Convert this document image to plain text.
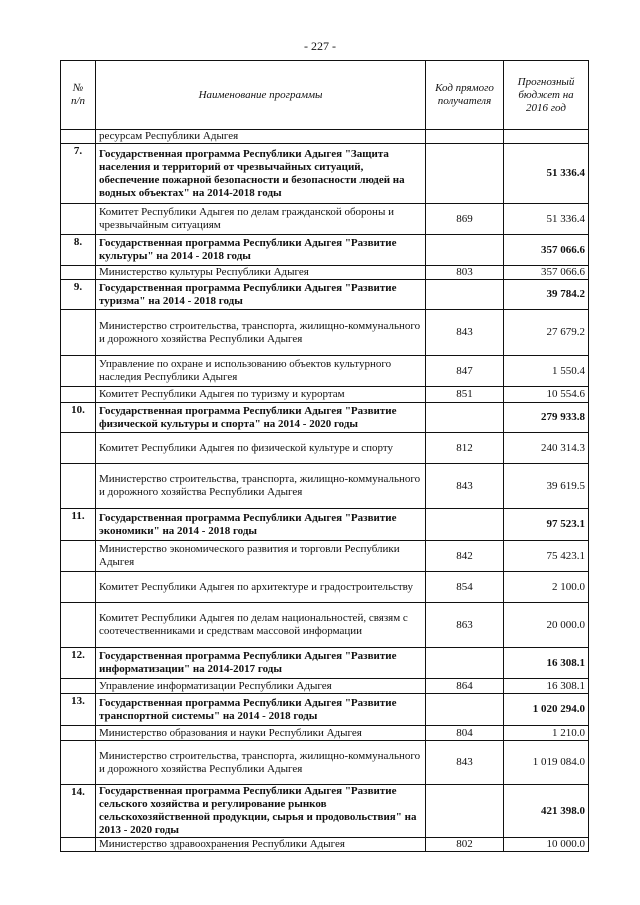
- 227 -
№
п/п	Наименование программы	Код прямого получателя	Прогнозный бюджет на 2016 год
	ресурсам Республики Адыгея		
7.	Государственная программа Республики Адыгея "Защита населения и территорий от чрезвычайных ситуаций, обеспечение пожарной безопасности и безопасности людей на водных объектах" на 2014-2018 годы		51 336.4
	Комитет Республики Адыгея по делам гражданской обороны и чрезвычайным ситуациям	869	51 336.4
8.	Государственная программа Республики Адыгея "Развитие культуры" на 2014 - 2018 годы		357 066.6
	Министерство культуры Республики Адыгея	803	357 066.6
9.	Государственная программа Республики Адыгея "Развитие туризма" на 2014 - 2018 годы		39 784.2
	Министерство строительства, транспорта, жилищно-коммунального и дорожного хозяйства Республики Адыгея	843	27 679.2
	Управление по охране и использованию объектов культурного наследия Республики Адыгея	847	1 550.4
	Комитет Республики Адыгея по туризму и курортам	851	10 554.6
10.	Государственная программа Республики Адыгея "Развитие физической культуры и спорта" на 2014 - 2020 годы		279 933.8
	Комитет Республики Адыгея по физической культуре и спорту	812	240 314.3
	Министерство строительства, транспорта, жилищно-коммунального и дорожного хозяйства Республики Адыгея	843	39 619.5
11.	Государственная программа Республики Адыгея "Развитие экономики" на 2014 - 2018 годы		97 523.1
	Министерство экономического развития и торговли Республики Адыгея	842	75 423.1
	Комитет Республики Адыгея по архитектуре и градостроительству	854	2 100.0
	Комитет Республики Адыгея по делам национальностей, связям с соотечественниками и средствам массовой информации	863	20 000.0
12.	Государственная программа Республики Адыгея "Развитие информатизации" на 2014-2017 годы		16 308.1
	Управление информатизации Республики Адыгея	864	16 308.1
13.	Государственная программа Республики Адыгея "Развитие транспортной системы" на 2014 - 2018 годы		1 020 294.0
	Министерство образования и науки Республики Адыгея	804	1 210.0
	Министерство строительства, транспорта, жилищно-коммунального и дорожного хозяйства Республики Адыгея	843	1 019 084.0
14.	Государственная программа Республики Адыгея "Развитие сельского хозяйства и регулирование рынков сельскохозяйственной продукции, сырья и продовольствия" на 2013 - 2020 годы		421 398.0
	Министерство здравоохранения Республики Адыгея	802	10 000.0
